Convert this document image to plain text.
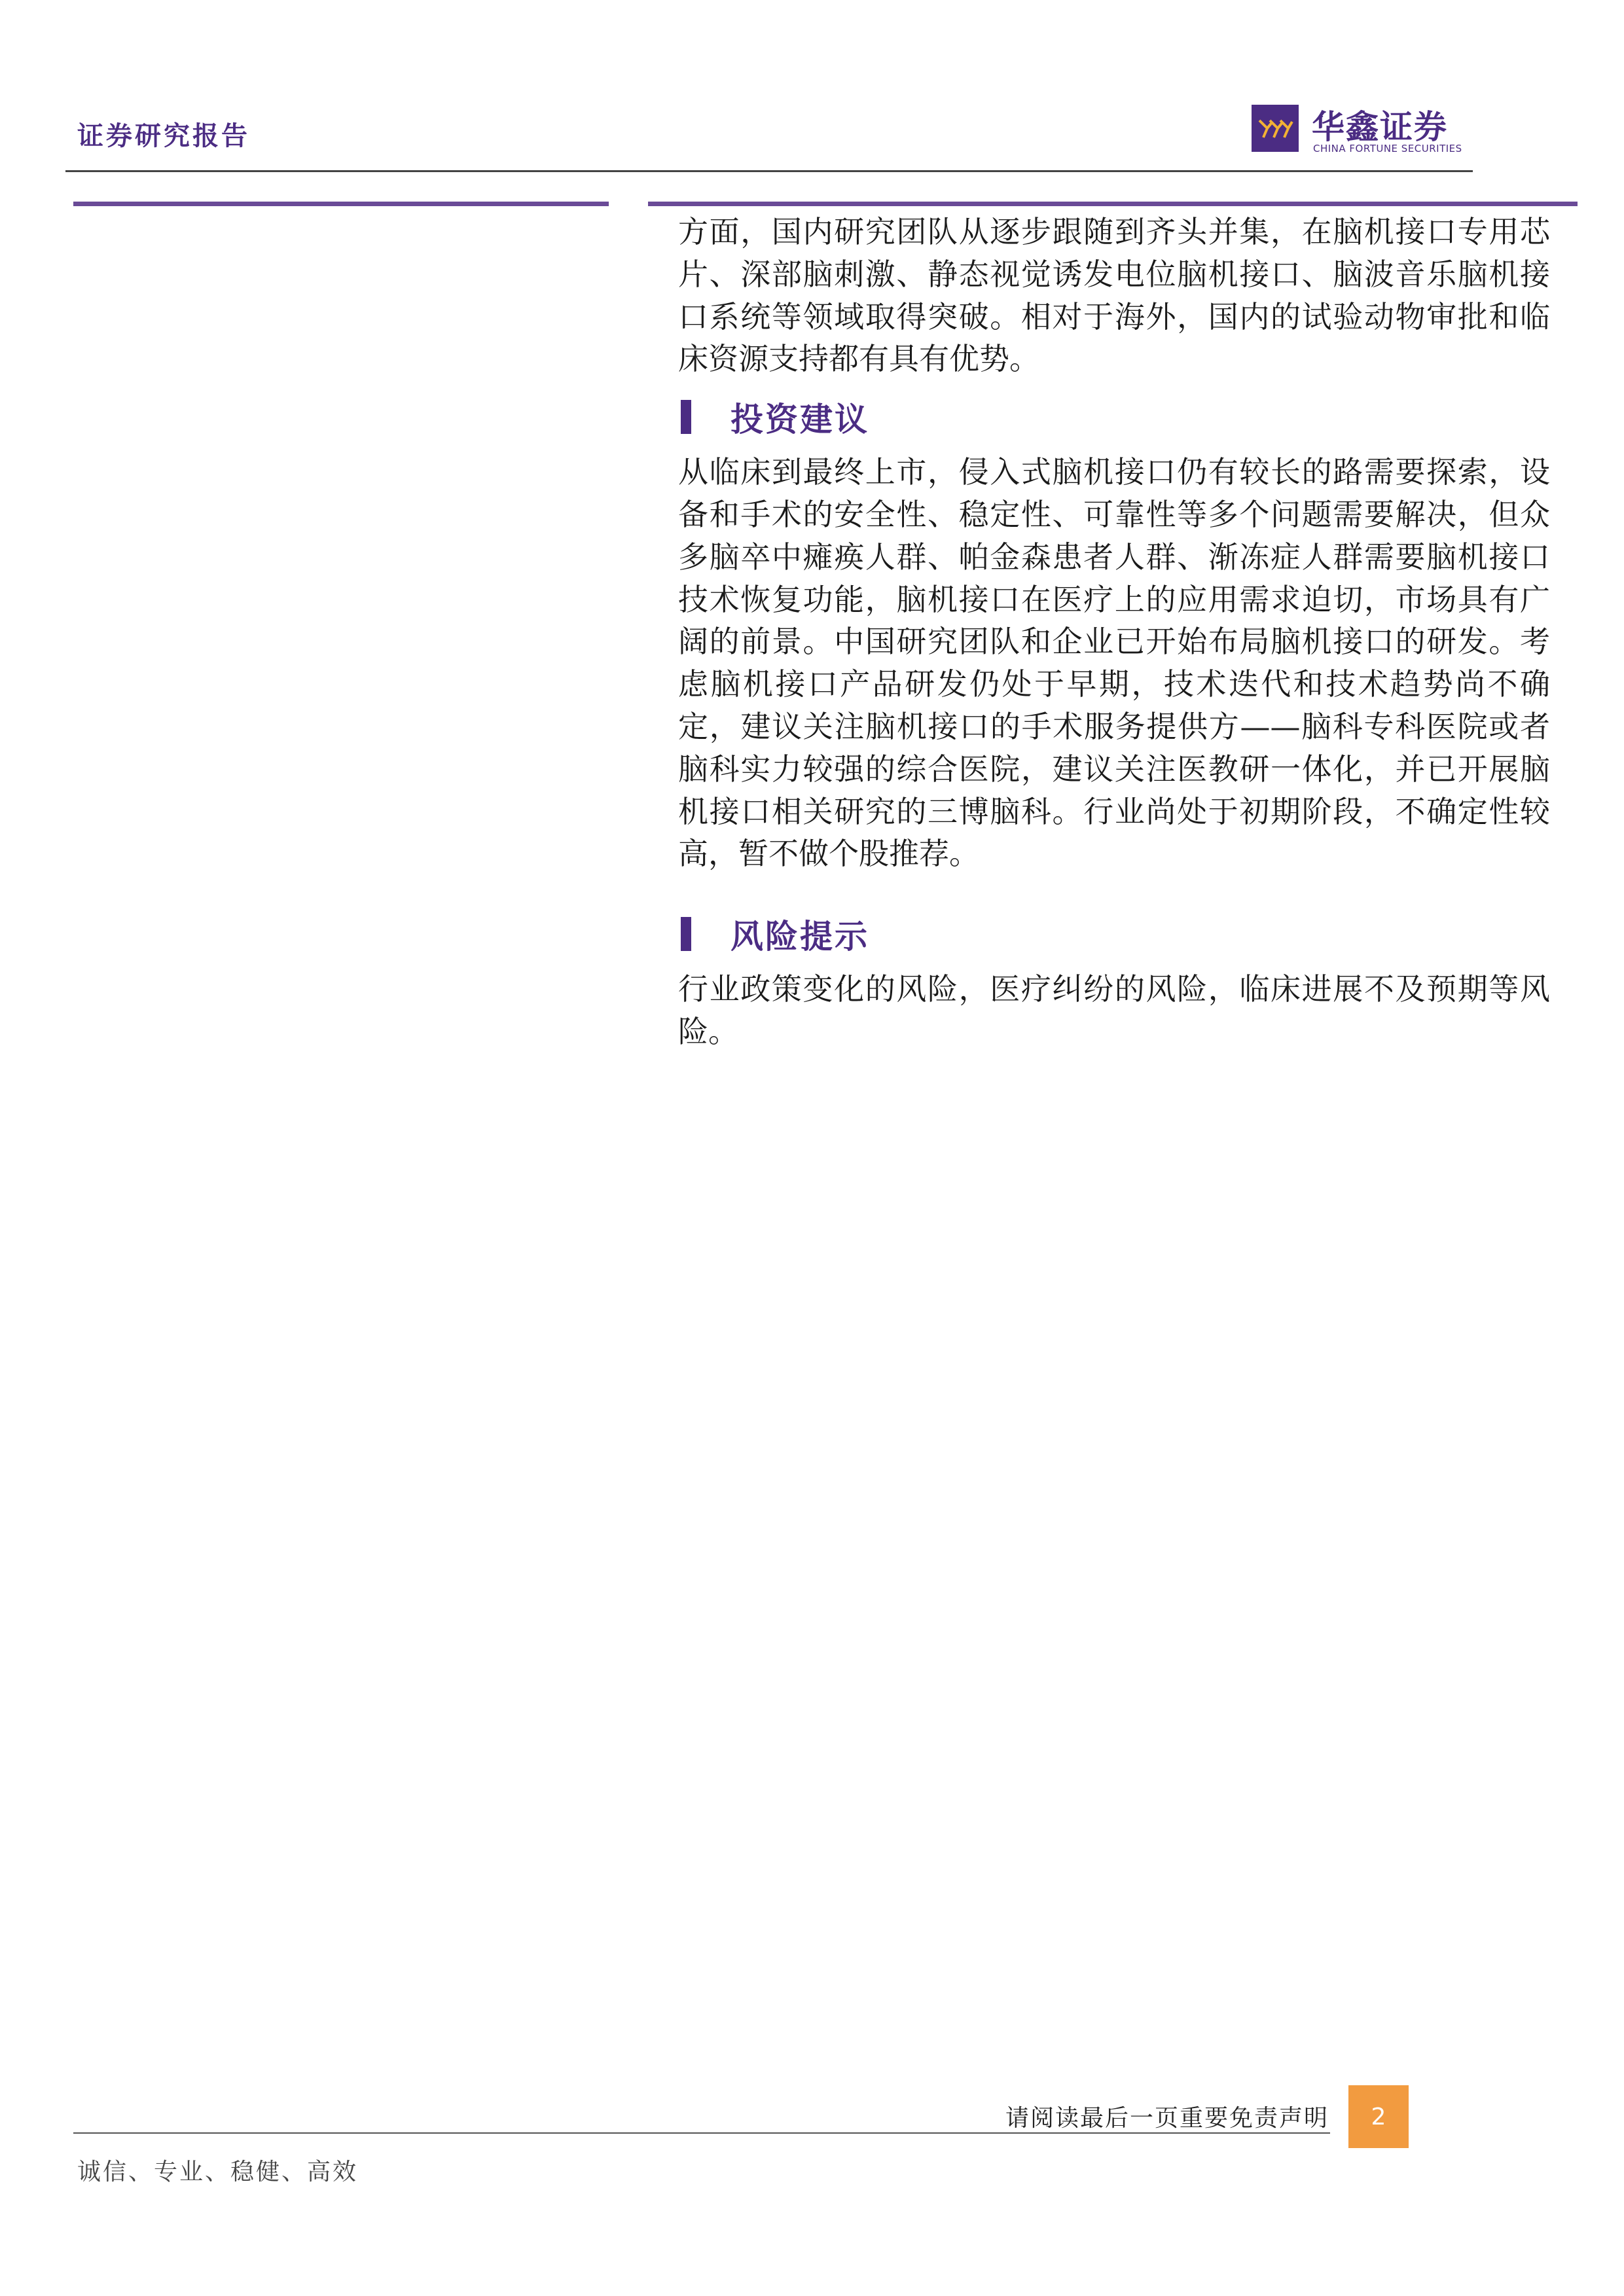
证券研究报告	华鑫证券
CHINA FORTUNE SECURITIES

方面，国内研究团队从逐步跟随到齐头并集，在脑机接口专用芯片、深部脑刺激、静态视觉诱发电位脑机接口、脑波音乐脑机接口系统等领域取得突破。相对于海外，国内的试验动物审批和临床资源支持都有具有优势。

投资建议

从临床到最终上市，侵入式脑机接口仍有较长的路需要探索，设备和手术的安全性、稳定性、可靠性等多个问题需要解决，但众多脑卒中瘫痪人群、帕金森患者人群、渐冻症人群需要脑机接口技术恢复功能，脑机接口在医疗上的应用需求迫切，市场具有广阔的前景。中国研究团队和企业已开始布局脑机接口的研发。考虑脑机接口产品研发仍处于早期，技术迭代和技术趋势尚不确定，建议关注脑机接口的手术服务提供方——脑科专科医院或者脑科实力较强的综合医院，建议关注医教研一体化，并已开展脑机接口相关研究的三博脑科。行业尚处于初期阶段，不确定性较高，暂不做个股推荐。

风险提示

行业政策变化的风险，医疗纠纷的风险，临床进展不及预期等风险。

请阅读最后一页重要免责声明	2
诚信、专业、稳健、高效
